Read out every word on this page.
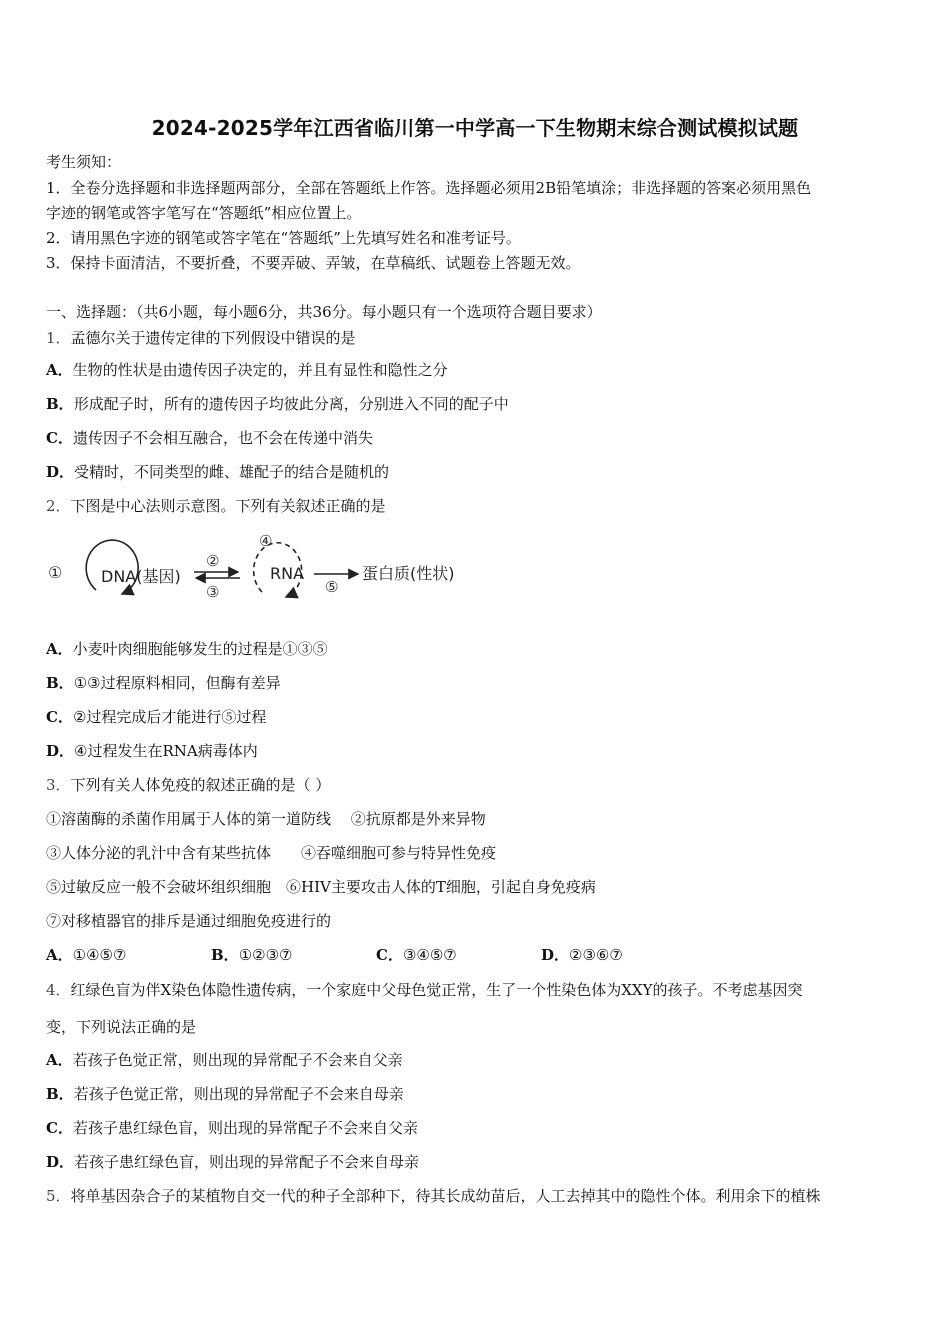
2024-2025学年江西省临川第一中学高一下生物期末综合测试模拟试题
考生须知：
1．全卷分选择题和非选择题两部分，全部在答题纸上作答。选择题必须用2B铅笔填涂；非选择题的答案必须用黑色
字迹的钢笔或答字笔写在“答题纸”相应位置上。
2．请用黑色字迹的钢笔或答字笔在“答题纸”上先填写姓名和准考证号。
3．保持卡面清洁，不要折叠，不要弄破、弄皱，在草稿纸、试题卷上答题无效。
一、选择题：（共6小题，每小题6分，共36分。每小题只有一个选项符合题目要求）
1．孟德尔关于遗传定律的下列假设中错误的是
A．生物的性状是由遗传因子决定的，并且有显性和隐性之分
B．形成配子时，所有的遗传因子均彼此分离，分别进入不同的配子中
C．遗传因子不会相互融合，也不会在传递中消失
D．受精时，不同类型的雌、雄配子的结合是随机的
2．下图是中心法则示意图。下列有关叙述正确的是
① DNA(基因)
②
③
④
RNA
⑤
蛋白质(性状)
A．小麦叶肉细胞能够发生的过程是①③⑤
B．①③过程原料相同，但酶有差异
C．②过程完成后才能进行⑤过程
D．④过程发生在RNA病毒体内
3．下列有关人体免疫的叙述正确的是（ ）
①溶菌酶的杀菌作用属于人体的第一道防线　 ②抗原都是外来异物
③人体分泌的乳汁中含有某些抗体　　④吞噬细胞可参与特异性免疫
⑤过敏反应一般不会破坏组织细胞　⑥HIV主要攻击人体的T细胞，引起自身免疫病
⑦对移植器官的排斥是通过细胞免疫进行的
A．①④⑤⑦	B．①②③⑦	C．③④⑤⑦	D．②③⑥⑦
4．红绿色盲为伴X染色体隐性遗传病，一个家庭中父母色觉正常，生了一个性染色体为XXY的孩子。不考虑基因突
变，下列说法正确的是
A．若孩子色觉正常，则出现的异常配子不会来自父亲
B．若孩子色觉正常，则出现的异常配子不会来自母亲
C．若孩子患红绿色盲，则出现的异常配子不会来自父亲
D．若孩子患红绿色盲，则出现的异常配子不会来自母亲
5．将单基因杂合子的某植物自交一代的种子全部种下，待其长成幼苗后，人工去掉其中的隐性个体。利用余下的植株
